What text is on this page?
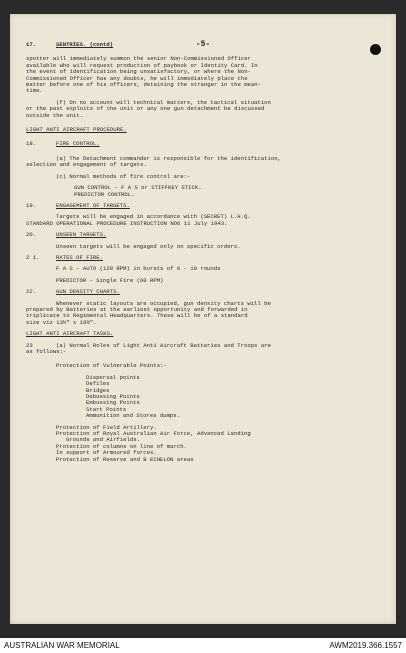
-5-
17.	SENTRIES. (contd)

spotter will immediately summon the senior Non-Commissioned Officer

available who will request production of paybook or Identity Card. In

the event of identification being unsatisfactory, or where the Non-

Commissioned Officer has any doubts, he will immediately place the

matter before one of his officers, detaining the stranger in the mean-

time.

(f) On no account will technical matters, the tactical situation

or the past exploits of the unit or any one gun detachment be discussed

outside the unit.

LIGHT ANTI AIRCRAFT PROCEDURE.

18.	FIRE CONTROL.

(a) The Detachment commander is responsible for the identification,

selection and engagement of targets.

(c) Normal methods of fire control are:-

GUN CONTROL - F A S or STIFFKEY STICK.

PREDICTOR CONTROL.

19.	ENGAGEMENT OF TARGETS.

Targets will be engaged in accordance with (SECRET) L.H.Q.

STANDARD OPERATIONAL PROCEDURE INSTRUCTION NO6 11 July 1943.

20.	UNSEEN TARGETS.

Unseen targets will be engaged only on specific orders.

2 1.	RATES OF FIRE.

F A S - AUTO (120 RPM) in bursts of 6 - 10 rounds

PREDICTOR - Single Fire (60 RPM)

22.	GUN DENSITY CHARTS.

Whenever static layouts are occupied, gun density charts will be

prepared by Batteries at the earliest opportunity and forwarded in

triplicate to Regimental Headquarters. These will be of a standard

size viz 13½" x 16½".

LIGHT ANTI AIRCRAFT TASKS.

23	(a) Normal Roles of Light Anti Aircraft Batteries and Troops are

as follows:-

Protection of Vulnerable Points:-

Dispersal points

Defiles

Bridges

Debussing Points

Embussing Points

Start Points

Ammunition and Stores dumps.

Protection of Field Artillery.

Protection of Royal Australian Air Force, Advanced Landing

Grounds and Airfields.

Protection of columns on line of march.

In support of Armoured forces.

Protection of Reserve and B ECHELON areas

AUSTRALIAN WAR MEMORIAL	AWM2019.366.1557
